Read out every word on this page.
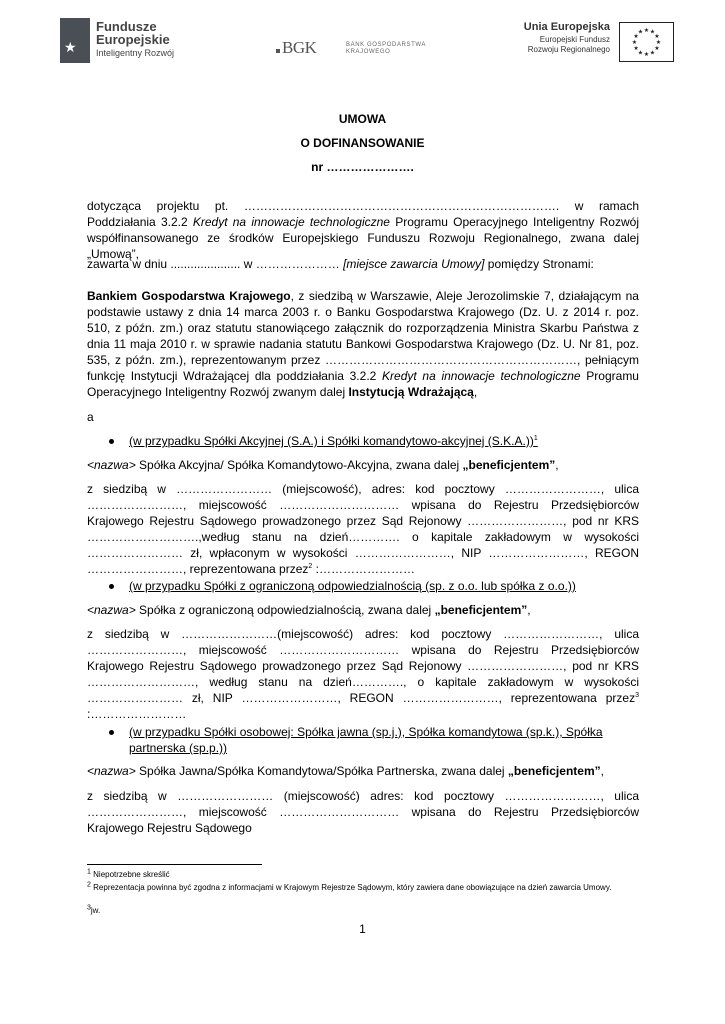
★
Fundusze
Europejskie
Inteligentny Rozwój	BGK	BANK GOSPODARSTWA
KRAJOWEGO
Unia Europejska
Europejski Fundusz
Rozwoju Regionalnego
★ ★
★
★
★
★
★
★
★
★
★
★
UMOWA
O DOFINANSOWANIE
nr ………………….

dotycząca projektu pt. ……………………………………………………………………. w ramach Poddziałania 3.2.2 Kredyt na innowacje technologiczne Programu Operacyjnego Inteligentny Rozwój współfinansowanego ze środków Europejskiego Funduszu Rozwoju Regionalnego, zwana dalej „Umową”,

zawarta w dniu ..................... w ………………… [miejsce zawarcia Umowy] pomiędzy Stronami:

Bankiem Gospodarstwa Krajowego, z siedzibą w Warszawie, Aleje Jerozolimskie 7, działającym na podstawie ustawy z dnia 14 marca 2003 r. o Banku Gospodarstwa Krajowego (Dz. U. z 2014 r. poz. 510, z późn. zm.) oraz statutu stanowiącego załącznik do rozporządzenia Ministra Skarbu Państwa z dnia 11 maja 2010 r. w sprawie nadania statutu Bankowi Gospodarstwa Krajowego (Dz. U. Nr 81, poz. 535, z późn. zm.), reprezentowanym przez ………………………………………………………, pełniącym funkcję Instytucji Wdrażającej dla poddziałania 3.2.2 Kredyt na innowacje technologiczne Programu Operacyjnego Inteligentny Rozwój zwanym dalej Instytucją Wdrażającą,

a

(w przypadku Spółki Akcyjnej (S.A.) i Spółki komandytowo-akcyjnej (S.K.A.))$^1$

<nazwa> Spółka Akcyjna/ Spółka Komandytowo-Akcyjna, zwana dalej „beneficjentem”,

z siedzibą w …………………… (miejscowość), adres: kod pocztowy ……………………, ulica ……………………, miejscowość ………………………… wpisana do Rejestru Przedsiębiorców Krajowego Rejestru Sądowego prowadzonego przez Sąd Rejonowy ……………………, pod nr KRS ……………………….,według stanu na dzień…………. o kapitale zakładowym w wysokości …………………… zł, wpłaconym w wysokości ……………………, NIP ……………………, REGON ……………………, reprezentowana przez$^2$ :……………………

(w przypadku Spółki z ograniczoną odpowiedzialnością (sp. z o.o. lub spółka z o.o.))

<nazwa> Spółka z ograniczoną odpowiedzialnością, zwana dalej „beneficjentem”,

z siedzibą w ……………………(miejscowość) adres: kod pocztowy ……………………, ulica ……………………, miejscowość ………………………… wpisana do Rejestru Przedsiębiorców Krajowego Rejestru Sądowego prowadzonego przez Sąd Rejonowy ……………………, pod nr KRS ………………………, według stanu na dzień…………., o kapitale zakładowym w wysokości …………………… zł, NIP ……………………, REGON ……………………, reprezentowana przez$^3$ :……………………

(w przypadku Spółki osobowej: Spółka jawna (sp.j.), Spółka komandytowa (sp.k.), Spółka partnerska (sp.p.))

<nazwa> Spółka Jawna/Spółka Komandytowa/Spółka Partnerska, zwana dalej „beneficjentem”,

z siedzibą w …………………… (miejscowość) adres: kod pocztowy ……………………, ulica ……………………, miejscowość ………………………… wpisana do Rejestru Przedsiębiorców Krajowego Rejestru Sądowego

$^1$ Niepotrzebne skreślić
$^2$ Reprezentacja powinna być zgodna z informacjami w Krajowym Rejestrze Sądowym, który zawiera dane obowiązujące na dzień zawarcia Umowy.
$^3$jw.
1
